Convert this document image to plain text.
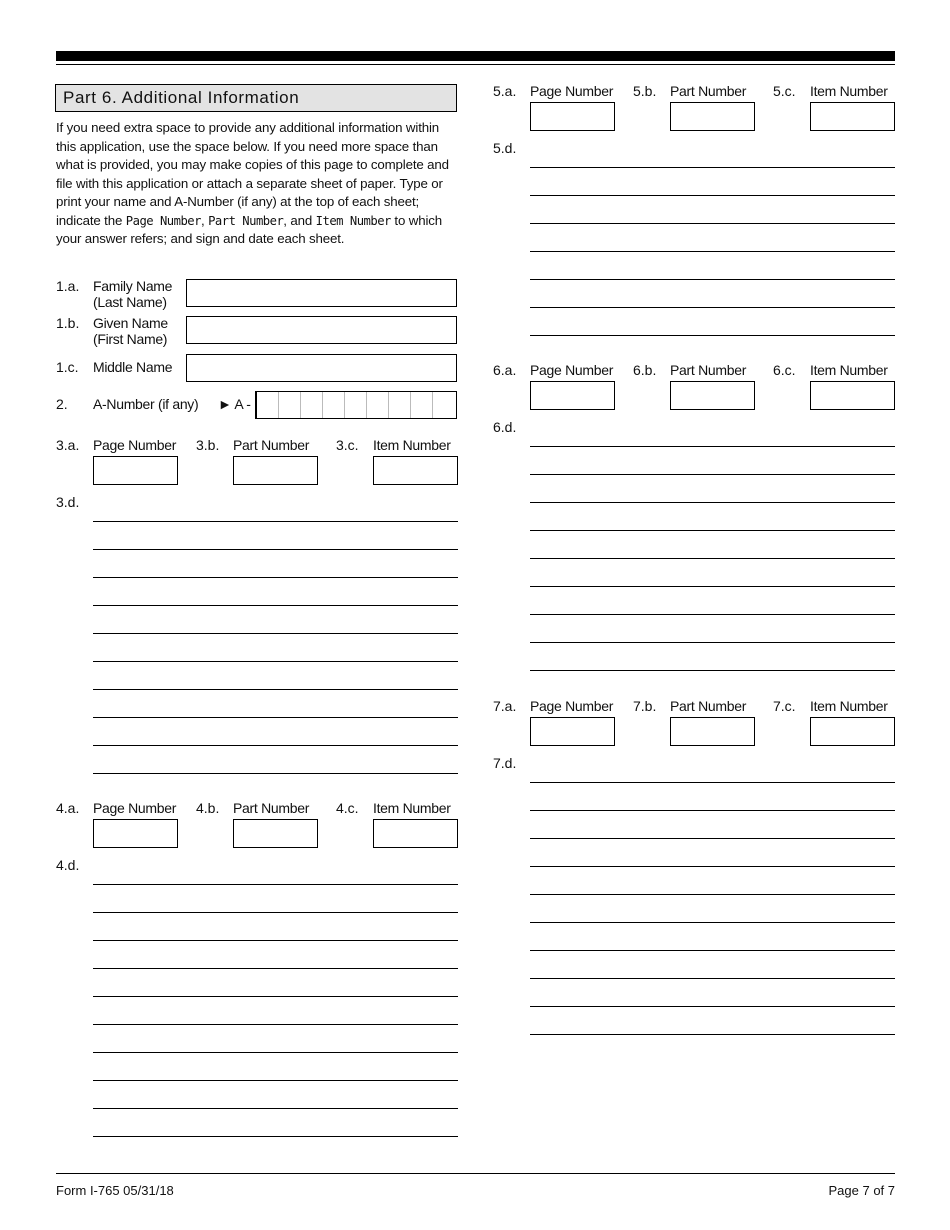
Part 6. Additional Information
If you need extra space to provide any additional information within this application, use the space below. If you need more space than what is provided, you may make copies of this page to complete and file with this application or attach a separate sheet of paper. Type or print your name and A-Number (if any) at the top of each sheet; indicate the Page Number, Part Number, and Item Number to which your answer refers; and sign and date each sheet.
1.a. Family Name
(Last Name)
1.b. Given Name
(First Name)
1.c. Middle Name
2. A-Number (if any) ► A -
3.a. Page Number 3.b. Part Number 3.c. Item Number
3.d.
4.a. Page Number 4.b. Part Number 4.c. Item Number
4.d.
5.a. Page Number 5.b. Part Number 5.c. Item Number
5.d.
6.a. Page Number 6.b. Part Number 6.c. Item Number
6.d.
7.a. Page Number 7.b. Part Number 7.c. Item Number
7.d.
Form I-765 05/31/18	Page 7 of 7
